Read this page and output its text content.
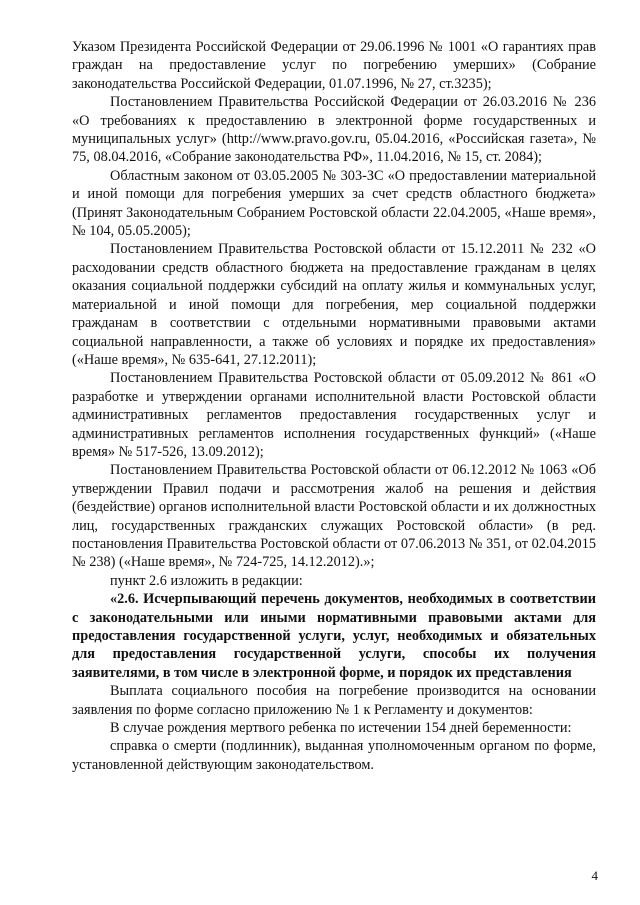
Указом Президента Российской Федерации от 29.06.1996 № 1001 «О гарантиях прав граждан на предоставление услуг по погребению умерших» (Собрание законодательства Российской Федерации, 01.07.1996, № 27, ст.3235);

Постановлением Правительства Российской Федерации от 26.03.2016 № 236 «О требованиях к предоставлению в электронной форме государственных и муниципальных услуг» (http://www.pravo.gov.ru, 05.04.2016, «Российская газета», № 75, 08.04.2016, «Собрание законодательства РФ», 11.04.2016, № 15, ст. 2084);

Областным законом от 03.05.2005 № 303-ЗС «О предоставлении материальной и иной помощи для погребения умерших за счет средств областного бюджета» (Принят Законодательным Собранием Ростовской области 22.04.2005, «Наше время», № 104, 05.05.2005);

Постановлением Правительства Ростовской области от 15.12.2011 № 232 «О расходовании средств областного бюджета на предоставление гражданам в целях оказания социальной поддержки субсидий на оплату жилья и коммунальных услуг, материальной и иной помощи для погребения, мер социальной поддержки гражданам в соответствии с отдельными нормативными правовыми актами социальной направленности, а также об условиях и порядке их предоставления» («Наше время», № 635-641, 27.12.2011);

Постановлением Правительства Ростовской области от 05.09.2012 № 861 «О разработке и утверждении органами исполнительной власти Ростовской области административных регламентов предоставления государственных услуг и административных регламентов исполнения государственных функций» («Наше время» № 517-526, 13.09.2012);

Постановлением Правительства Ростовской области от 06.12.2012 № 1063 «Об утверждении Правил подачи и рассмотрения жалоб на решения и действия (бездействие) органов исполнительной власти Ростовской области и их должностных лиц, государственных гражданских служащих Ростовской области» (в ред. постановления Правительства Ростовской области от 07.06.2013 № 351, от 02.04.2015 № 238) («Наше время», № 724-725, 14.12.2012).»;

пункт 2.6 изложить в редакции:

«2.6. Исчерпывающий перечень документов, необходимых в соответствии с законодательными или иными нормативными правовыми актами для предоставления государственной услуги, услуг, необходимых и обязательных для предоставления государственной услуги, способы их получения заявителями, в том числе в электронной форме, и порядок их представления

Выплата социального пособия на погребение производится на основании заявления по форме согласно приложению № 1 к Регламенту и документов:

В случае рождения мертвого ребенка по истечении 154 дней беременности:

справка о смерти (подлинник), выданная уполномоченным органом по форме, установленной действующим законодательством.

4
